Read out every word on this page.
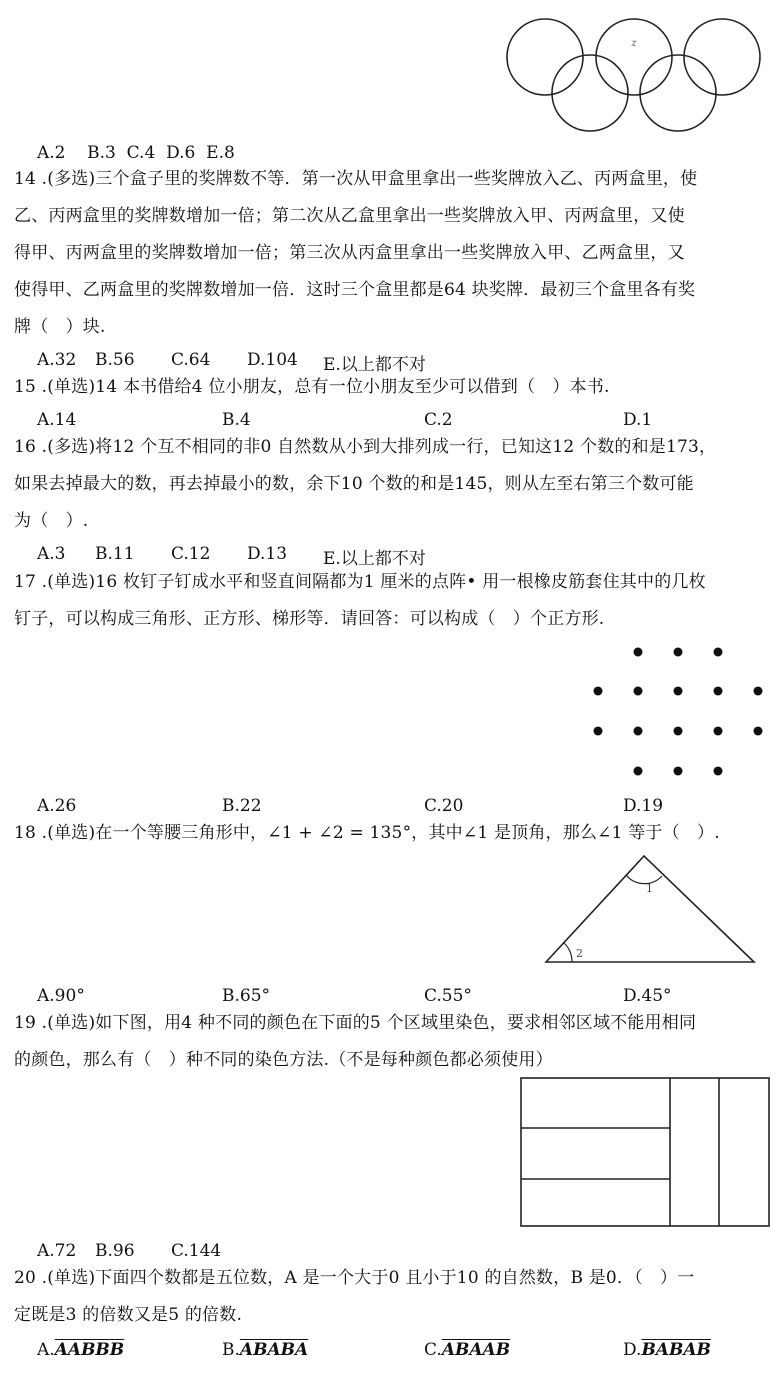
z
A.2 B.3 C.4 D.6 E.8
14 .(多选)三个盒子里的奖牌数不等．第一次从甲盒里拿出一些奖牌放入乙、丙两盒里，使
乙、丙两盒里的奖牌数增加一倍；第二次从乙盒里拿出一些奖牌放入甲、丙两盒里，又使
得甲、丙两盒里的奖牌数增加一倍；第三次从丙盒里拿出一些奖牌放入甲、乙两盒里，又
使得甲、乙两盒里的奖牌数增加一倍．这时三个盒里都是64 块奖牌．最初三个盒里各有奖
牌（　）块.
A.32 B.56 C.64 D.104 E.以上都不对
15 .(单选)14 本书借给4 位小朋友，总有一位小朋友至少可以借到（　）本书.
A.14	B.4	C.2	D.1
16 .(多选)将12 个互不相同的非0 自然数从小到大排列成一行，已知这12 个数的和是173，
如果去掉最大的数，再去掉最小的数，余下10 个数的和是145，则从左至右第三个数可能
为（　）.
A.3 B.11 C.12 D.13 E.以上都不对
17 .(单选)16 枚钉子钉成水平和竖直间隔都为1 厘米的点阵• 用一根橡皮筋套住其中的几枚
钉子，可以构成三角形、正方形、梯形等．请回答：可以构成（　）个正方形.
A.26	B.22	C.20	D.19
18 .(单选)在一个等腰三角形中，∠1 + ∠2 = 135°，其中∠1 是顶角，那么∠1 等于（　）.
1
2
A.90°	B.65°	C.55°	D.45°
19 .(单选)如下图，用4 种不同的颜色在下面的5 个区域里染色，要求相邻区域不能用相同
的颜色，那么有（　）种不同的染色方法.（不是每种颜色都必须使用）
A.72 B.96 C.144
20 .(单选)下面四个数都是五位数，A 是一个大于0 且小于10 的自然数，B 是0．（　）一
定既是3 的倍数又是5 的倍数.
A.AABBB	B.ABABA	C.ABAAB	D.BABAB
